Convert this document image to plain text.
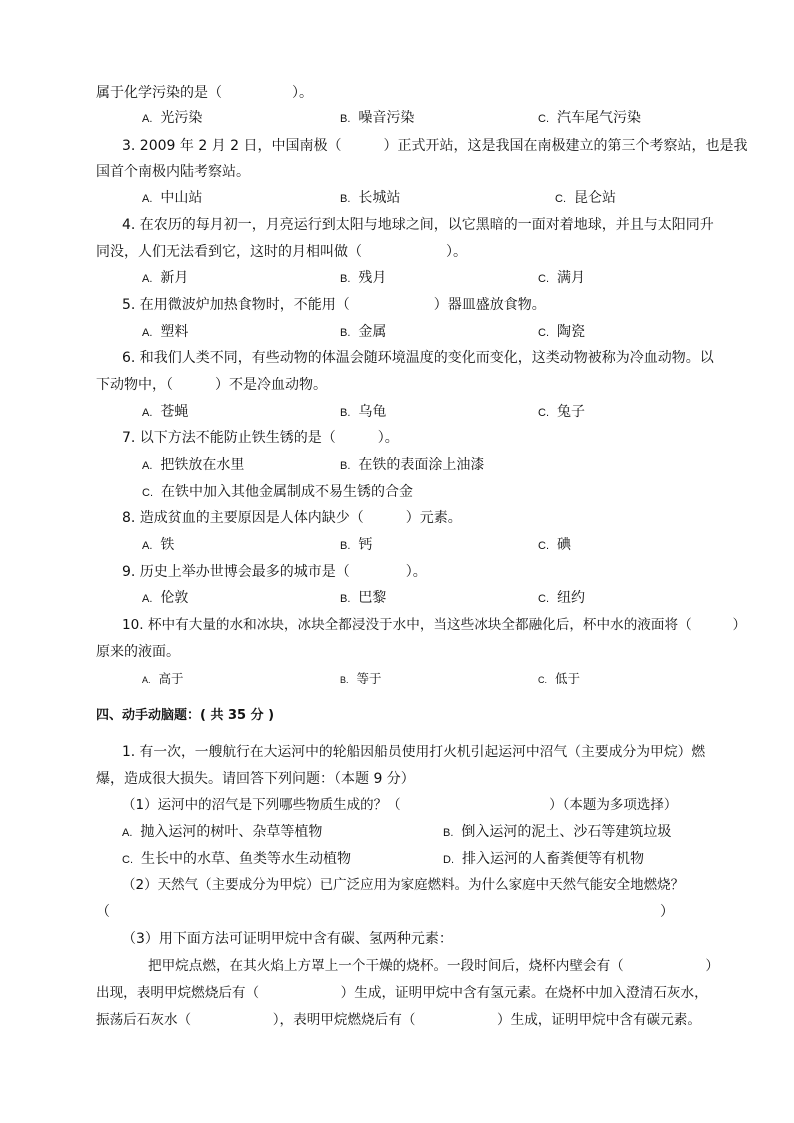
属于化学污染的是（　　　　　）。
A. 光污染	B. 噪音污染	C. 汽车尾气污染
3. 2009 年 2 月 2 日，中国南极（　　　）正式开站，这是我国在南极建立的第三个考察站，也是我
国首个南极内陆考察站。
A. 中山站	B. 长城站	C. 昆仑站
4. 在农历的每月初一，月亮运行到太阳与地球之间，以它黑暗的一面对着地球，并且与太阳同升
同没，人们无法看到它，这时的月相叫做（　　　　　　）。
A. 新月	B. 残月	C. 满月
5. 在用微波炉加热食物时，不能用（　　　　　　）器皿盛放食物。
A. 塑料	B. 金属	C. 陶瓷
6. 和我们人类不同，有些动物的体温会随环境温度的变化而变化，这类动物被称为冷血动物。以
下动物中，（　　　）不是冷血动物。
A. 苍蝇	B. 乌龟	C. 兔子
7. 以下方法不能防止铁生锈的是（　　　）。
A. 把铁放在水里	B. 在铁的表面涂上油漆
C. 在铁中加入其他金属制成不易生锈的合金
8. 造成贫血的主要原因是人体内缺少（　　　）元素。
A. 铁	B. 钙	C. 碘
9. 历史上举办世博会最多的城市是（　　　　）。
A. 伦敦	B. 巴黎	C. 纽约
10. 杯中有大量的水和冰块，冰块全都浸没于水中，当这些冰块全都融化后，杯中水的液面将（　　　）
原来的液面。
A. 高于	B. 等于	C. 低于
四、动手动脑题：( 共 35 分 )
1. 有一次，一艘航行在大运河中的轮船因船员使用打火机引起运河中沼气（主要成分为甲烷）燃
爆，造成很大损失。请回答下列问题：（本题 9 分）
（1）运河中的沼气是下列哪些物质生成的？（　　　　　　　　　　　）（本题为多项选择）
A. 抛入运河的树叶、杂草等植物	B. 倒入运河的泥土、沙石等建筑垃圾
C. 生长中的水草、鱼类等水生动植物	D. 排入运河的人畜粪便等有机物
（2）天然气（主要成分为甲烷）已广泛应用为家庭燃料。为什么家庭中天然气能安全地燃烧？
（	）
（3）用下面方法可证明甲烷中含有碳、氢两种元素：
把甲烷点燃，在其火焰上方罩上一个干燥的烧杯。一段时间后，烧杯内壁会有（　　　　　　）
出现，表明甲烷燃烧后有（　　　　　　）生成，证明甲烷中含有氢元素。在烧杯中加入澄清石灰水，
振荡后石灰水（　　　　　　），表明甲烷燃烧后有（　　　　　　）生成，证明甲烷中含有碳元素。
